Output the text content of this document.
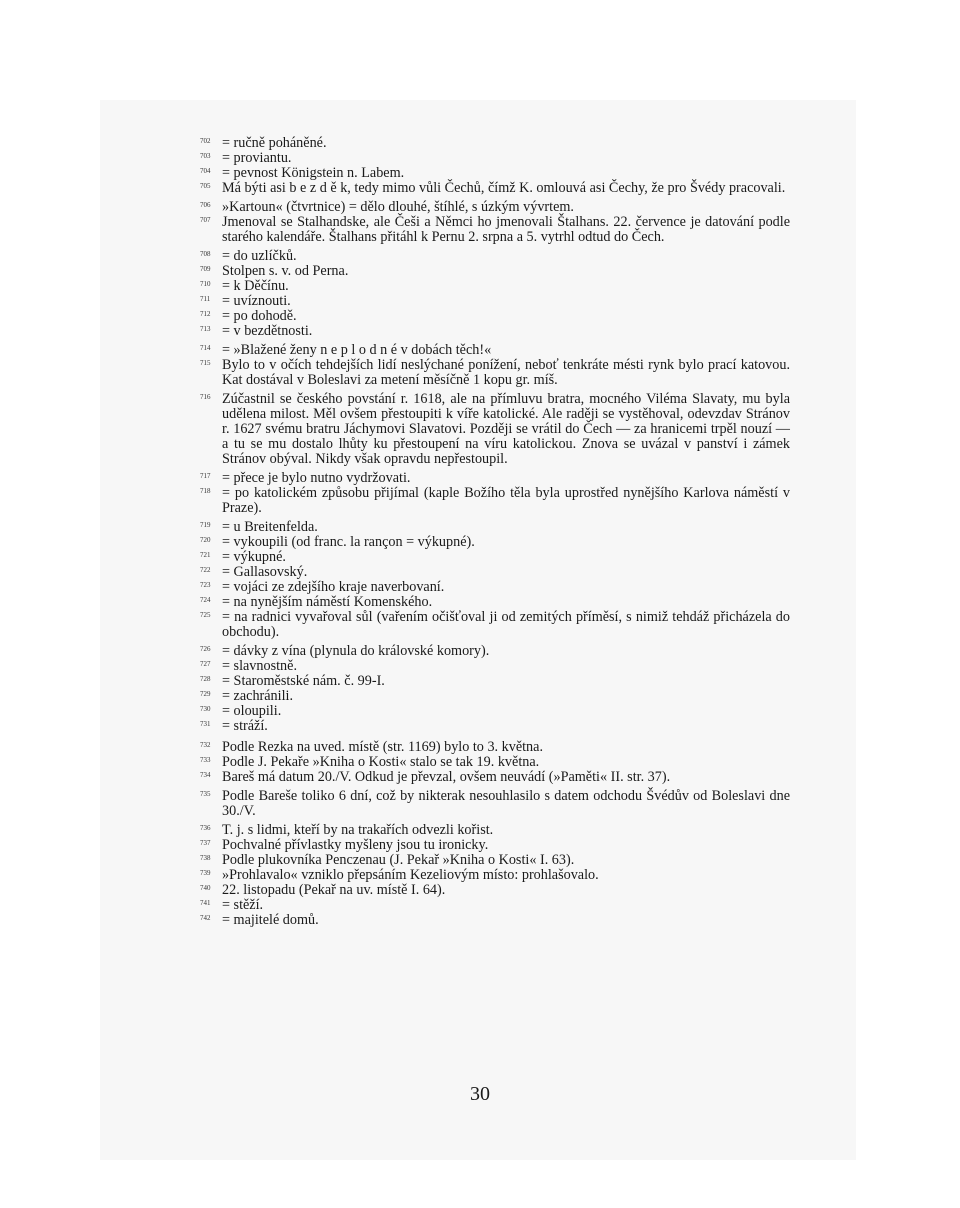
702 = ručně poháněné.
703 = proviantu.
704 = pevnost Königstein n. Labem.
705 Má býti asi b e z d ě k, tedy mimo vůli Čechů, čímž K. omlouvá asi Čechy, že pro Švédy pracovali.
706 »Kartoun« (čtvrtnice) = dělo dlouhé, štíhlé, s úzkým vývrtem.
707 Jmenoval se Stalhandske, ale Češi a Němci ho jmenovali Štalhans. 22. července je datování podle starého kalendáře. Štalhans přitáhl k Pernu 2. srpna a 5. vytrhl odtud do Čech.
708 = do uzlíčků.
709 Stolpen s. v. od Perna.
710 = k Děčínu.
711 = uvíznouti.
712 = po dohodě.
713 = v bezdětnosti.
714 = »Blažené ženy n e p l o d n é v dobách těch!«
715 Bylo to v očích tehdejších lidí neslýchané ponížení, neboť tenkráte mésti rynk bylo prací katovou. Kat dostával v Boleslavi za metení měsíčně 1 kopu gr. míš.
716 Zúčastnil se českého povstání r. 1618, ale na přímluvu bratra, mocného Viléma Slavaty, mu byla udělena milost. Měl ovšem přestoupiti k víře katolické. Ale raději se vystěhoval, odevzdav Stránov r. 1627 svému bratru Jáchymovi Slavatovi. Později se vrátil do Čech — za hranicemi trpěl nouzí — a tu se mu dostalo lhůty ku přestoupení na víru katolickou. Znova se uvázal v panství i zámek Stránov obýval. Nikdy však opravdu nepřestoupil.
717 = přece je bylo nutno vydržovati.
718 = po katolickém způsobu přijímal (kaple Božího těla byla uprostřed nynějšího Karlova náměstí v Praze).
719 = u Breitenfelda.
720 = vykoupili (od franc. la rançon = výkupné).
721 = výkupné.
722 = Gallasovský.
723 = vojáci ze zdejšího kraje naverbovaní.
724 = na nynějším náměstí Komenského.
725 = na radnici vyvařoval sůl (vařením očišťoval ji od zemitých příměsí, s nimiž tehdáž přicházela do obchodu).
726 = dávky z vína (plynula do královské komory).
727 = slavnostně.
728 = Staroměstské nám. č. 99-I.
729 = zachránili.
730 = oloupili.
731 = stráží.
732 Podle Rezka na uved. místě (str. 1169) bylo to 3. května.
733 Podle J. Pekaře »Kniha o Kosti« stalo se tak 19. května.
734 Bareš má datum 20./V. Odkud je převzal, ovšem neuvádí (»Paměti« II. str. 37).
735 Podle Bareše toliko 6 dní, což by nikterak nesouhlasilo s datem odchodu Švédův od Boleslavi dne 30./V.
736 T. j. s lidmi, kteří by na trakařích odvezli kořist.
737 Pochvalné přívlastky myšleny jsou tu ironicky.
738 Podle plukovníka Penczenau (J. Pekař »Kniha o Kosti« I. 63).
739 »Prohlavalo« vzniklo přepsáním Kezeliovým místo: prohlašovalo.
740 22. listopadu (Pekař na uv. místě I. 64).
741 = stěží.
742 = majitelé domů.
30
